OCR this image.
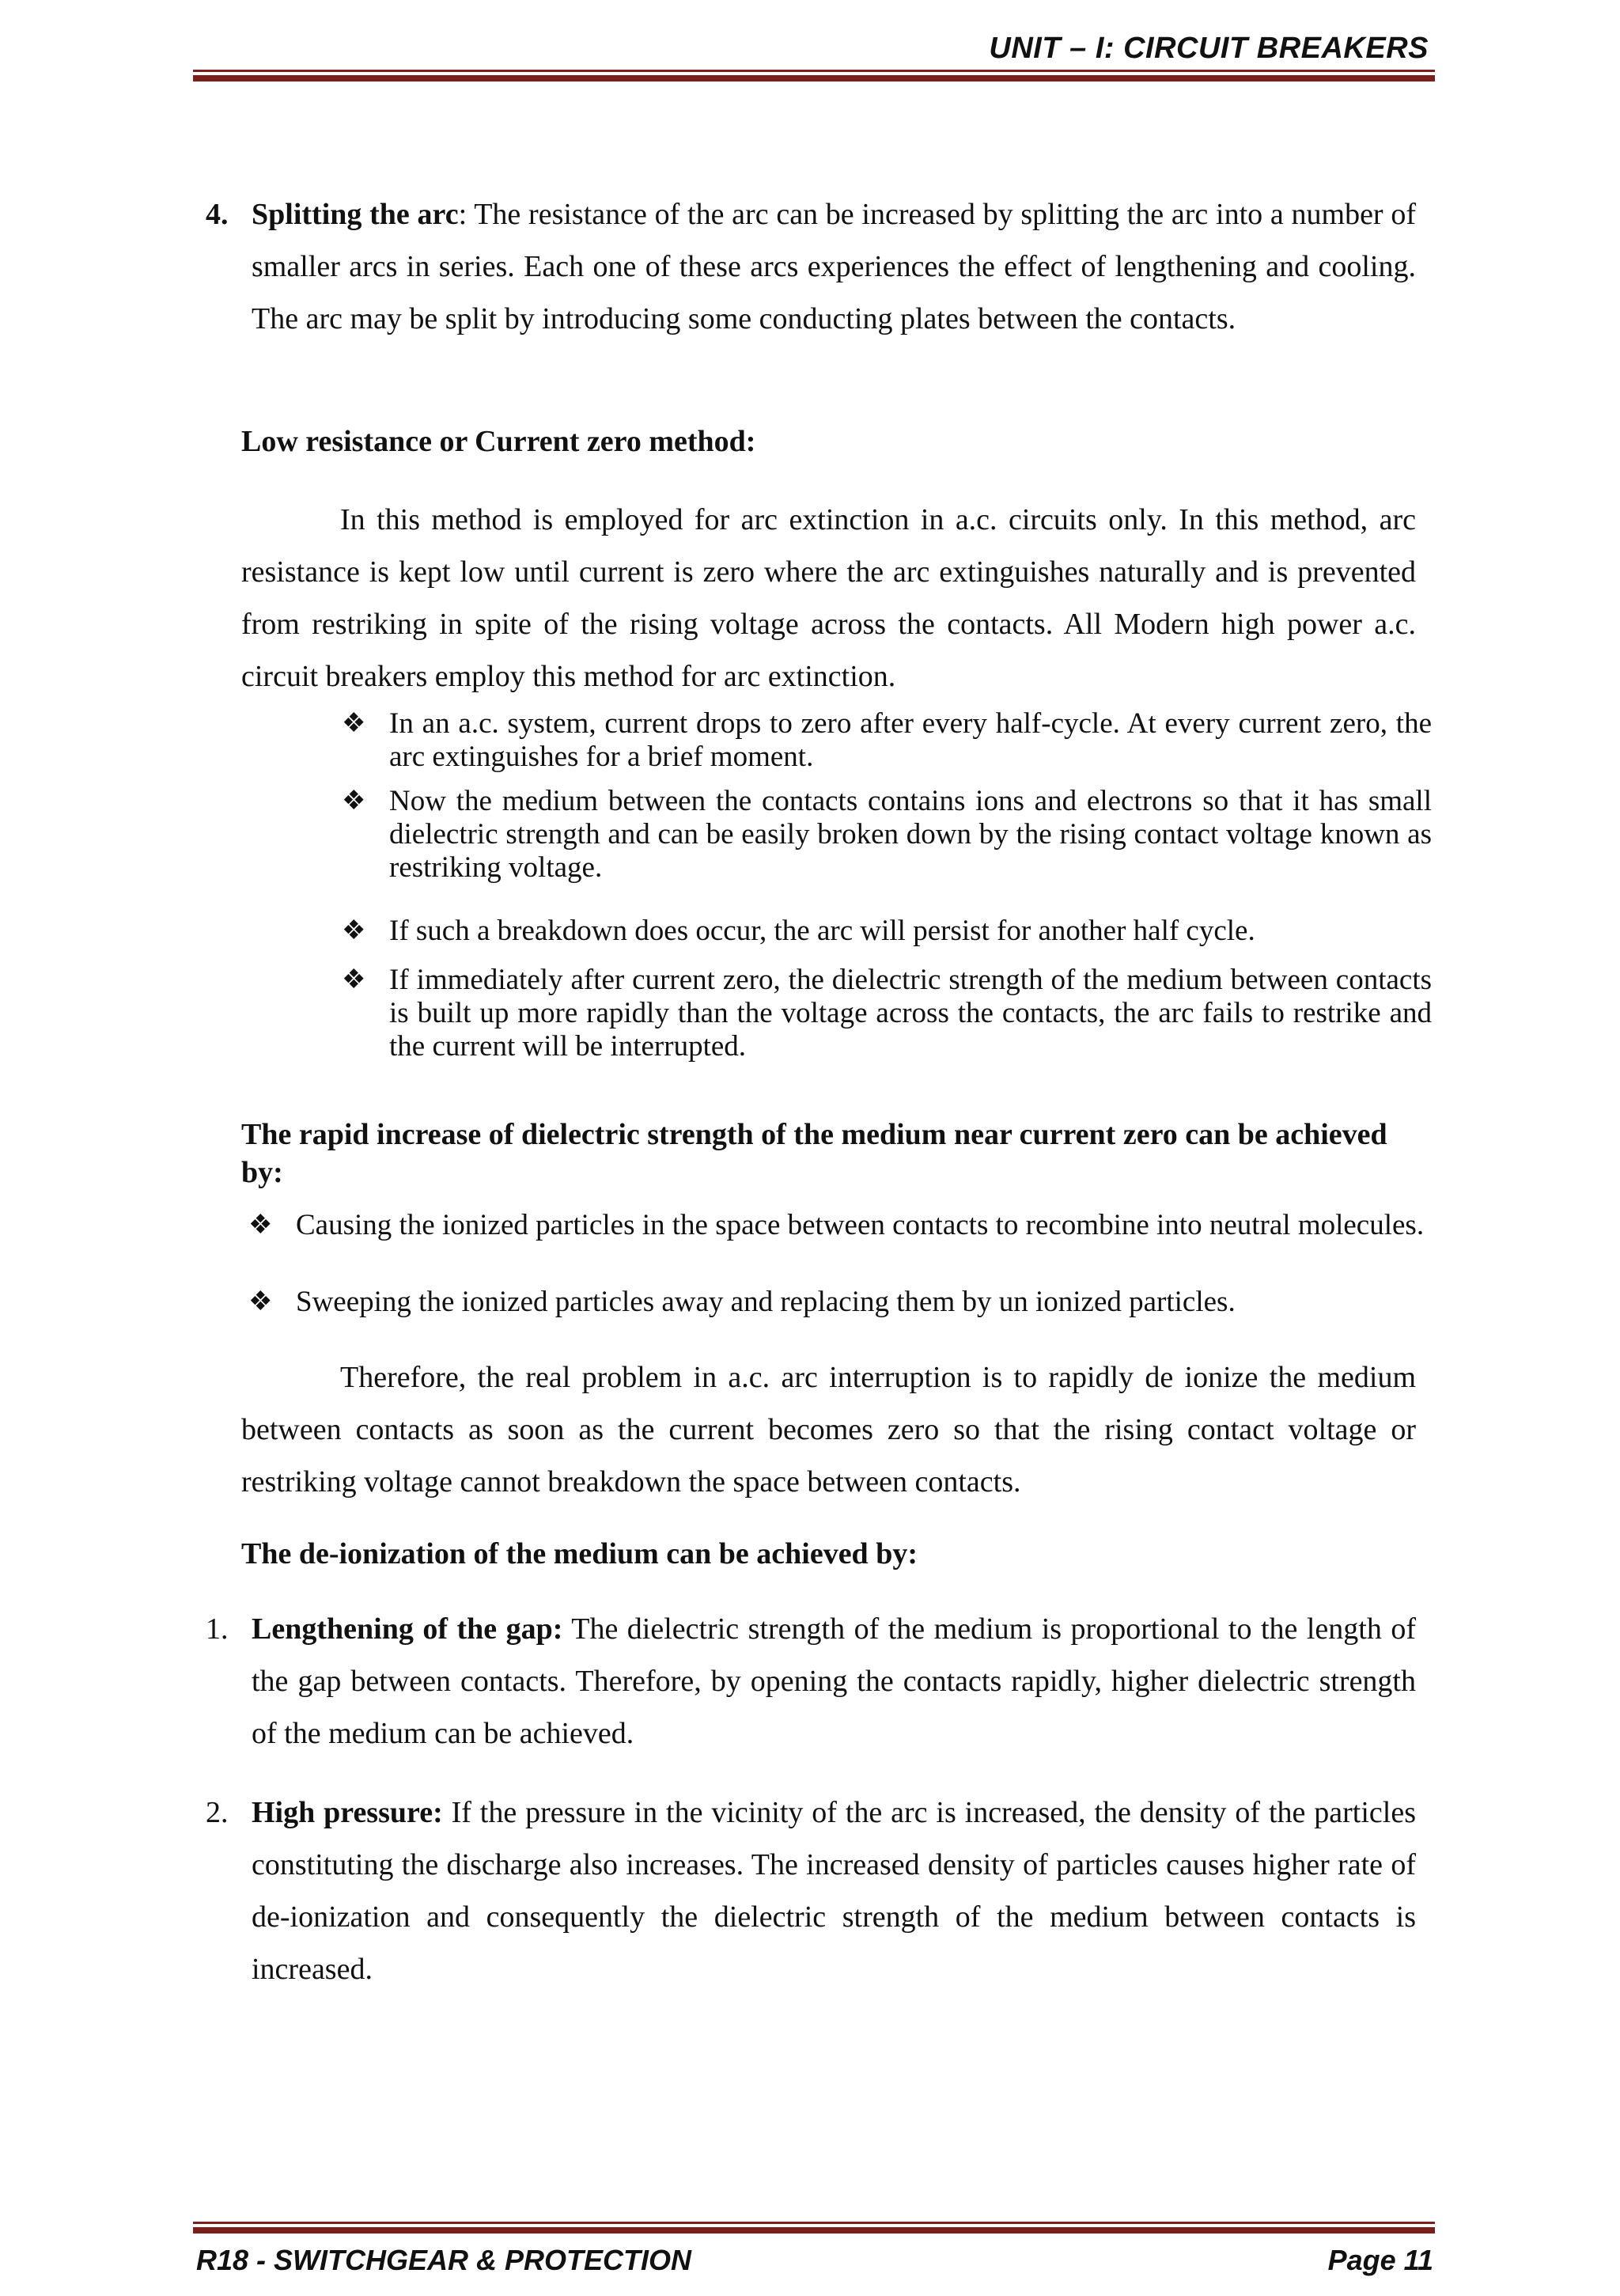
UNIT – I: CIRCUIT BREAKERS
4. Splitting the arc: The resistance of the arc can be increased by splitting the arc into a number of smaller arcs in series. Each one of these arcs experiences the effect of lengthening and cooling. The arc may be split by introducing some conducting plates between the contacts.
Low resistance or Current zero method:
In this method is employed for arc extinction in a.c. circuits only. In this method, arc resistance is kept low until current is zero where the arc extinguishes naturally and is prevented from restriking in spite of the rising voltage across the contacts. All Modern high power a.c. circuit breakers employ this method for arc extinction.
❖ In an a.c. system, current drops to zero after every half-cycle. At every current zero, the arc extinguishes for a brief moment.
❖ Now the medium between the contacts contains ions and electrons so that it has small dielectric strength and can be easily broken down by the rising contact voltage known as restriking voltage.
❖ If such a breakdown does occur, the arc will persist for another half cycle.
❖ If immediately after current zero, the dielectric strength of the medium between contacts is built up more rapidly than the voltage across the contacts, the arc fails to restrike and the current will be interrupted.
The rapid increase of dielectric strength of the medium near current zero can be achieved by:
❖ Causing the ionized particles in the space between contacts to recombine into neutral molecules.
❖ Sweeping the ionized particles away and replacing them by un ionized particles.
Therefore, the real problem in a.c. arc interruption is to rapidly de ionize the medium between contacts as soon as the current becomes zero so that the rising contact voltage or restriking voltage cannot breakdown the space between contacts.
The de-ionization of the medium can be achieved by:
1. Lengthening of the gap: The dielectric strength of the medium is proportional to the length of the gap between contacts. Therefore, by opening the contacts rapidly, higher dielectric strength of the medium can be achieved.
2. High pressure: If the pressure in the vicinity of the arc is increased, the density of the particles constituting the discharge also increases. The increased density of particles causes higher rate of de-ionization and consequently the dielectric strength of the medium between contacts is increased.
R18 - SWITCHGEAR & PROTECTION	Page 11
